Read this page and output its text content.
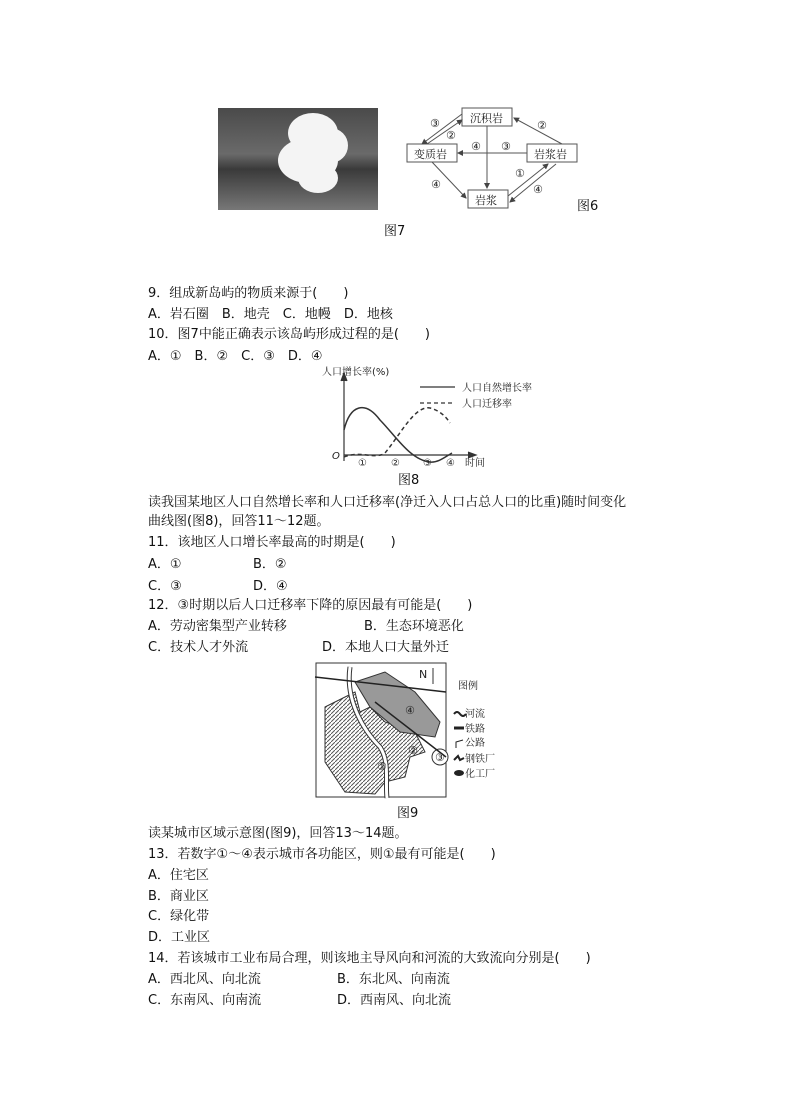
图7
沉积岩
变质岩	岩浆岩
岩浆
③
②
②
④ ③
④
①
④
图6
9．组成新岛屿的物质来源于(　　)
A．岩石圈　B．地壳　C．地幔　D．地核
10．图7中能正确表示该岛屿形成过程的是(　　)
A．①　B．②　C．③　D．④
人口增长率(%)
人口自然增长率
人口迁移率
O
① ② ③ ④ 时间
图8
读我国某地区人口自然增长率和人口迁移率(净迁入人口占总人口的比重)随时间变化
曲线图(图8)，回答11～12题。
11．该地区人口增长率最高的时期是(　　)
A．①	B．②
C．③	D．④
12．③时期以后人口迁移率下降的原因最有可能是(　　)
A．劳动密集型产业转移	B．生态环境恶化
C．技术人才外流	D．本地人口大量外迁
①
②
③
④
N
图例
河流
铁路
公路
钢铁厂
化工厂
图9
读某城市区域示意图(图9)，回答13～14题。
13．若数字①～④表示城市各功能区，则①最有可能是(　　)
A．住宅区
B．商业区
C．绿化带
D．工业区
14．若该城市工业布局合理，则该地主导风向和河流的大致流向分别是(　　)
A．西北风、向北流	B．东北风、向南流
C．东南风、向南流	D．西南风、向北流
